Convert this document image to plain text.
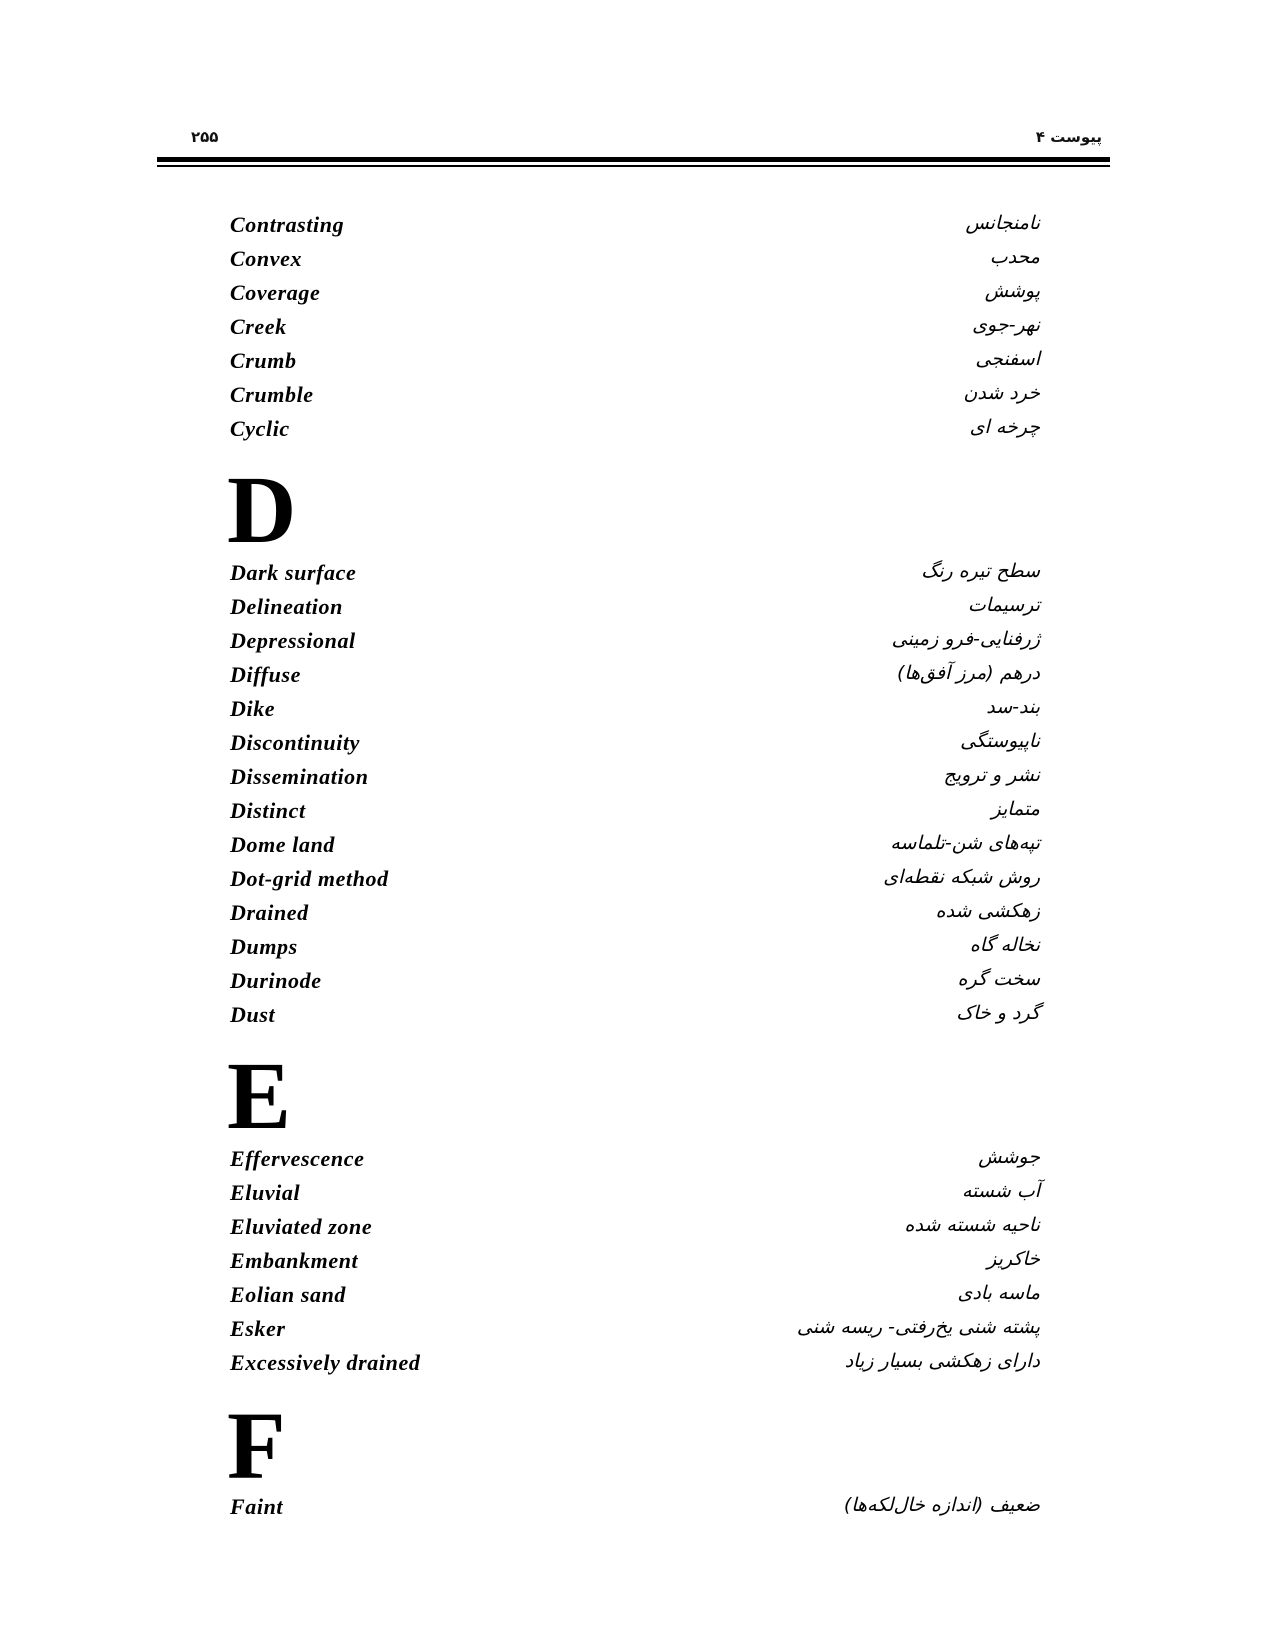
۲۵۵	پیوست ۴
Contrasting	نامنجانس
Convex	محدب
Coverage	پوشش
Creek	نهر-جوی
Crumb	اسفنجی
Crumble	خرد شدن
Cyclic	چرخه ای
D
Dark surface	سطح تیره رنگ
Delineation	ترسیمات
Depressional	ژرفنایی-فرو زمینی
Diffuse	درهم (مرز آفق‌ها)
Dike	بند-سد
Discontinuity	ناپیوستگی
Dissemination	نشر و ترویج
Distinct	متمایز
Dome land	تپه‌های شن-تلماسه
Dot-grid method	روش شبکه نقطه‌ای
Drained	زهکشی شده
Dumps	نخاله گاه
Durinode	سخت گره
Dust	گرد و خاک
E
Effervescence	جوشش
Eluvial	آب شسته
Eluviated zone	ناحیه شسته شده
Embankment	خاکریز
Eolian sand	ماسه بادی
Esker	پشته شنی یخ‌رفتی- ریسه شنی
Excessively drained	دارای زهکشی بسیار زیاد
F
Faint	ضعیف (اندازه خال‌لکه‌ها)
